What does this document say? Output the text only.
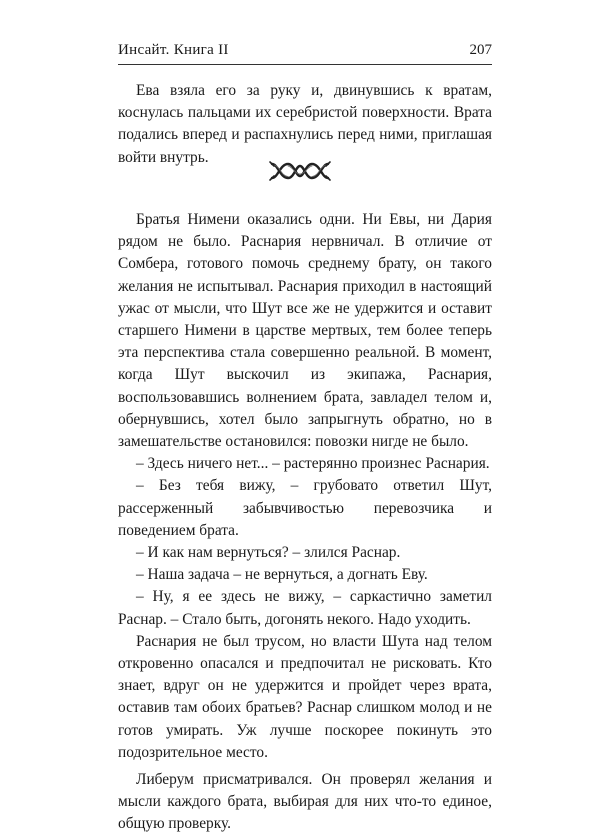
Инсайт. Книга II	207

Ева взяла его за руку и, двинувшись к вратам, коснулась пальцами их серебристой поверхности. Врата подались вперед и распахнулись перед ними, приглашая войти внутрь.

Братья Нимени оказались одни. Ни Евы, ни Дария рядом не было. Раснария нервничал. В отличие от Сомбера, готового помочь среднему брату, он такого желания не испытывал. Раснария приходил в настоящий ужас от мысли, что Шут все же не удержится и оставит старшего Нимени в царстве мертвых, тем более теперь эта перспектива стала совершенно реальной. В момент, когда Шут выскочил из экипажа, Раснария, воспользовавшись волнением брата, завладел телом и, обернувшись, хотел было запрыгнуть обратно, но в замешательстве остановился: повозки нигде не было.

– Здесь ничего нет... – растерянно произнес Раснария.

– Без тебя вижу, – грубовато ответил Шут, рассерженный забывчивостью перевозчика и поведением брата.

– И как нам вернуться? – злился Раснар.

– Наша задача – не вернуться, а догнать Еву.

– Ну, я ее здесь не вижу, – саркастично заметил Раснар. – Стало быть, догонять некого. Надо уходить.

Раснария не был трусом, но власти Шута над телом откровенно опасался и предпочитал не рисковать. Кто знает, вдруг он не удержится и пройдет через врата, оставив там обоих братьев? Раснар слишком молод и не готов умирать. Уж лучше поскорее покинуть это подозрительное место.

Либерум присматривался. Он проверял желания и мысли каждого брата, выбирая для них что-то единое, общую проверку.
